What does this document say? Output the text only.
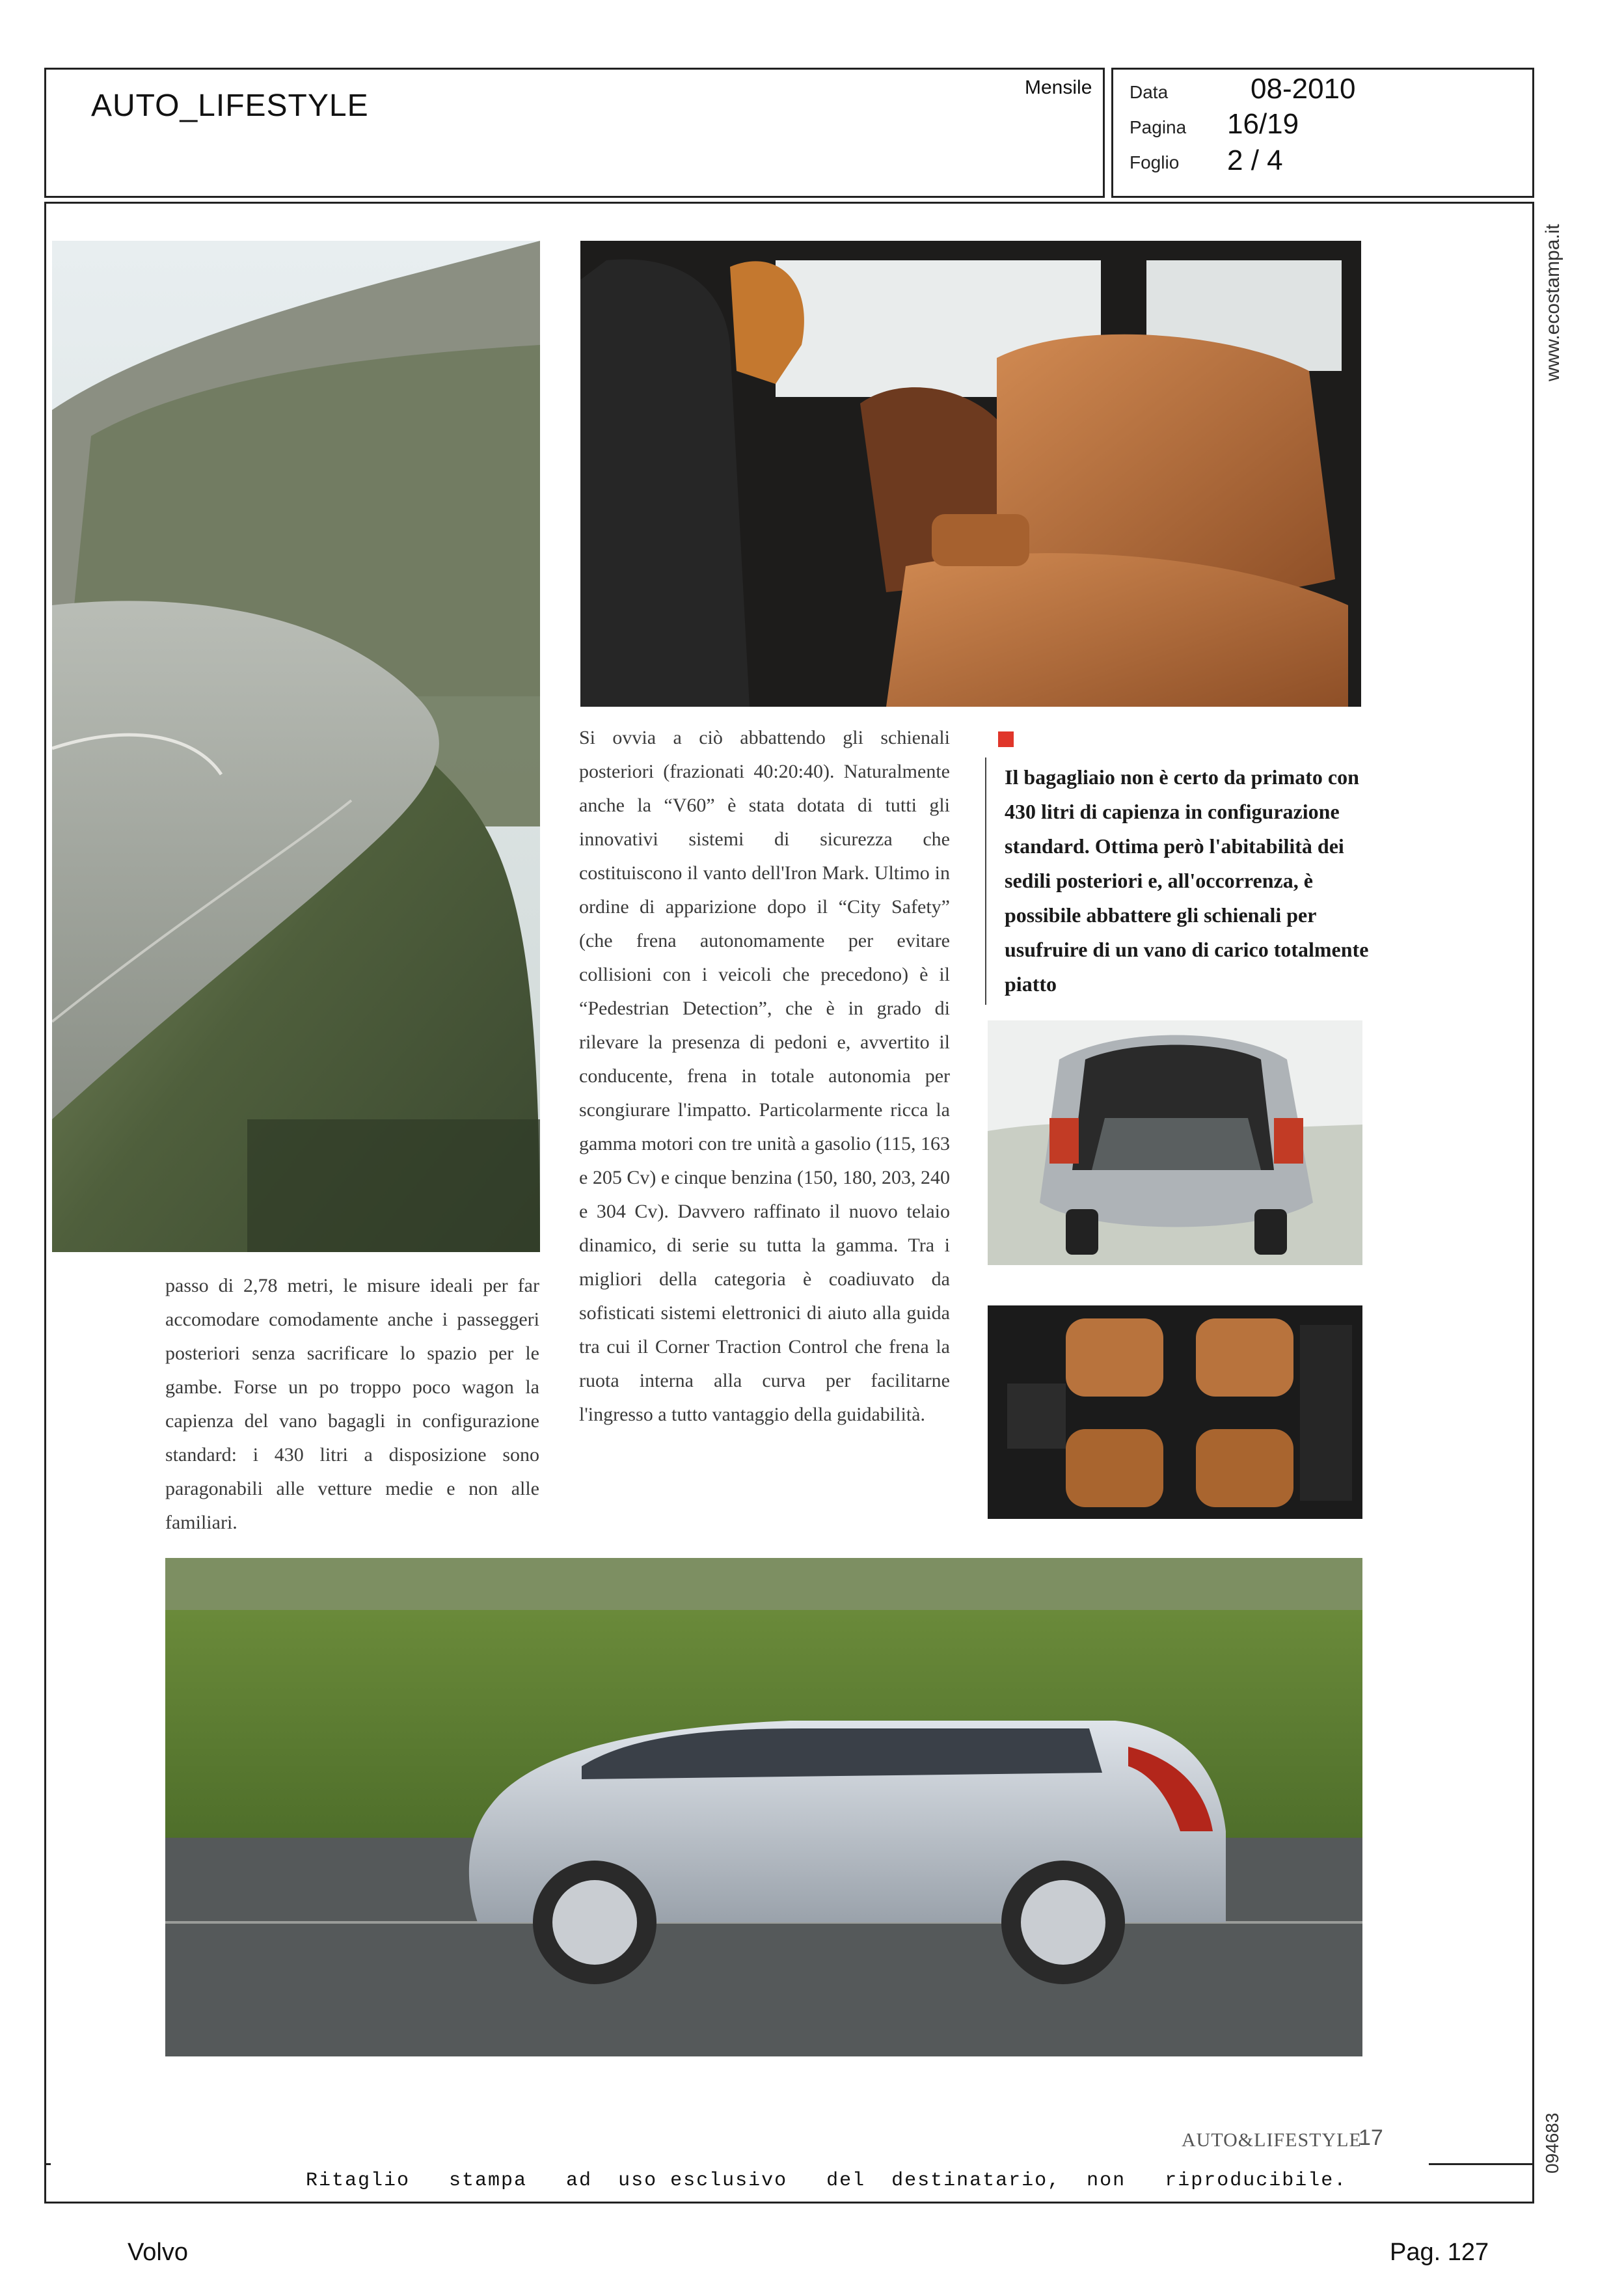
AUTO_LIFESTYLE
Mensile Data	08-2010
Pagina 16/19
Foglio 2 / 4
www.ecostampa.it
094683

passo di 2,78 metri, le misure ideali per far accomodare comodamente anche i passeggeri posteriori senza sacrificare lo spazio per le gambe. Forse un po troppo poco wagon la capienza del vano bagagli in configurazione standard: i 430 litri a disposizione sono paragonabili alle vetture medie e non alle familiari.

Si ovvia a ciò abbattendo gli schienali posteriori (frazionati 40:20:40). Naturalmente anche la “V60” è stata dotata di tutti gli innovativi sistemi di sicurezza che costituiscono il vanto dell'Iron Mark. Ultimo in ordine di apparizione dopo il “City Safety” (che frena autonomamente per evitare collisioni con i veicoli che precedono) è il “Pedestrian Detection”, che è in grado di rilevare la presenza di pedoni e, avvertito il conducente, frena in totale autonomia per scongiurare l'impatto. Particolarmente ricca la gamma motori con tre unità a gasolio (115, 163 e 205 Cv) e cinque benzina (150, 180, 203, 240 e 304 Cv). Davvero raffinato il nuovo telaio dinamico, di serie su tutta la gamma. Tra i migliori della categoria è coadiuvato da sofisticati sistemi elettronici di aiuto alla guida tra cui il Corner Traction Control che frena la ruota interna alla curva per facilitarne l'ingresso a tutto vantaggio della guidabilità.

Il bagagliaio non è certo da primato con 430 litri di capienza in configurazione standard. Ottima però l'abitabilità dei sedili posteriori e, all'occorrenza, è possibile abbattere gli schienali per usufruire di un vano di carico totalmente piatto
AUTO&LIFESTYLE
17
Ritaglio   stampa   ad  uso esclusivo   del  destinatario,  non   riproducibile.
Volvo	Pag. 127
